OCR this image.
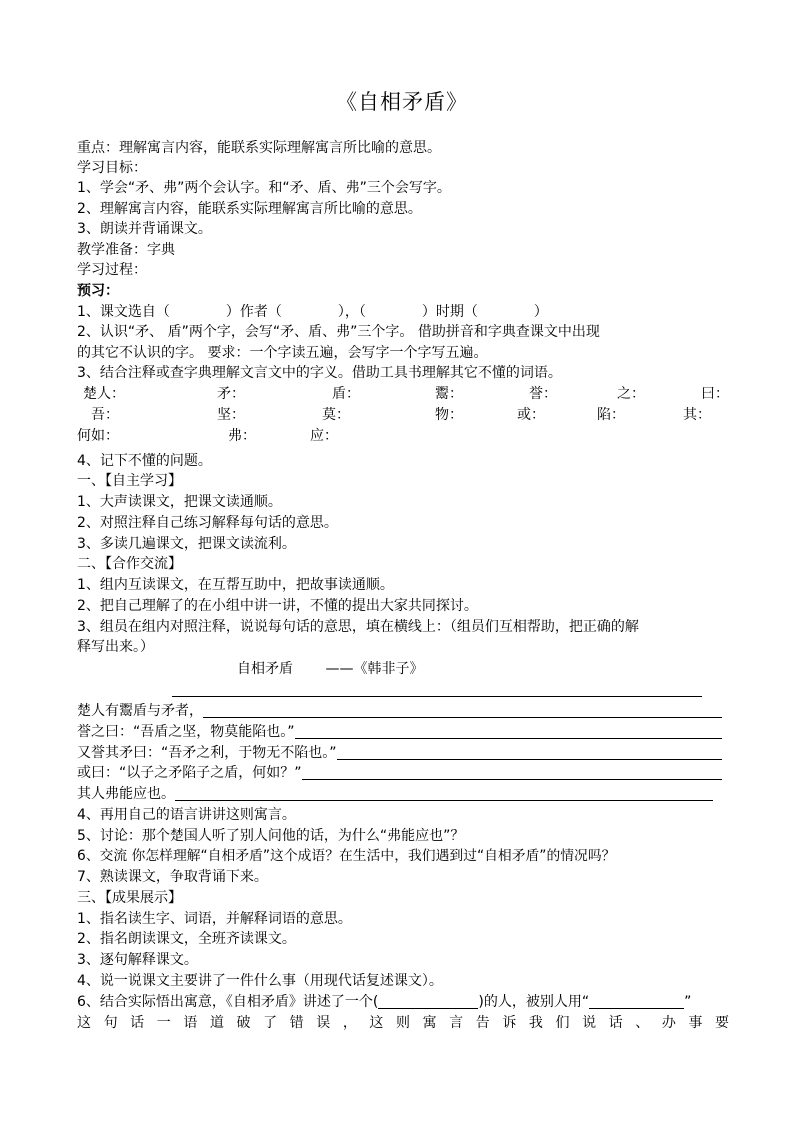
《自相矛盾》
重点：理解寓言内容，能联系实际理解寓言所比喻的意思。
学习目标：
1、学会“矛、弗”两个会认字。和“矛、盾、弗”三个会写字。
2、理解寓言内容，能联系实际理解寓言所比喻的意思。
3、朗读并背诵课文。
教学准备：字典
学习过程：
预习：
1、课文选自（　　　　）作者（　　　　），（　　　　）时期（　　　　）
2、认识“矛、 盾”两个字，会写“矛、盾、弗”三个字。 借助拼音和字典查课文中出现
的其它不认识的字。 要求：一个字读五遍，会写字一个字写五遍。
3、结合注释或查字典理解文言文中的字义。借助工具书理解其它不懂的词语。
楚人：	矛：	盾：	鬻：	誉：	之：	曰：
吾：	坚：	莫：	物：	或：	陷：	其：
何如：	弗：	应：
4、记下不懂的问题。
一、【自主学习】
1、大声读课文，把课文读通顺。
2、对照注释自己练习解释每句话的意思。
3、多读几遍课文，把课文读流利。
二、【合作交流】
1、组内互读课文，在互帮互助中，把故事读通顺。
2、把自己理解了的在小组中讲一讲，不懂的提出大家共同探讨。
3、组员在组内对照注释，说说每句话的意思，填在横线上：（组员们互相帮助，把正确的解
释写出来。）
自相矛盾　　 ——《韩非子》
楚人有鬻盾与矛者，
誉之曰：“吾盾之坚，物莫能陷也。”
又誉其矛曰：“吾矛之利，于物无不陷也。”
或曰：“以子之矛陷子之盾，何如？”
其人弗能应也。
4、再用自己的语言讲讲这则寓言。
5、讨论：那个楚国人听了别人问他的话，为什么“弗能应也”？
6、交流 你怎样理解“自相矛盾”这个成语？在生活中，我们遇到过“自相矛盾”的情况吗？
7、熟读课文，争取背诵下来。
三、【成果展示】
1、指名读生字、词语，并解释词语的意思。
2、指名朗读课文，全班齐读课文。
3、逐句解释课文。
4、说一说课文主要讲了一件什么事（用现代话复述课文）。
6、结合实际悟出寓意，《自相矛盾》讲述了一个(	)的人，被别人用“	”
这句话一语道破了错误，这则寓言告诉我们说话、办事要
